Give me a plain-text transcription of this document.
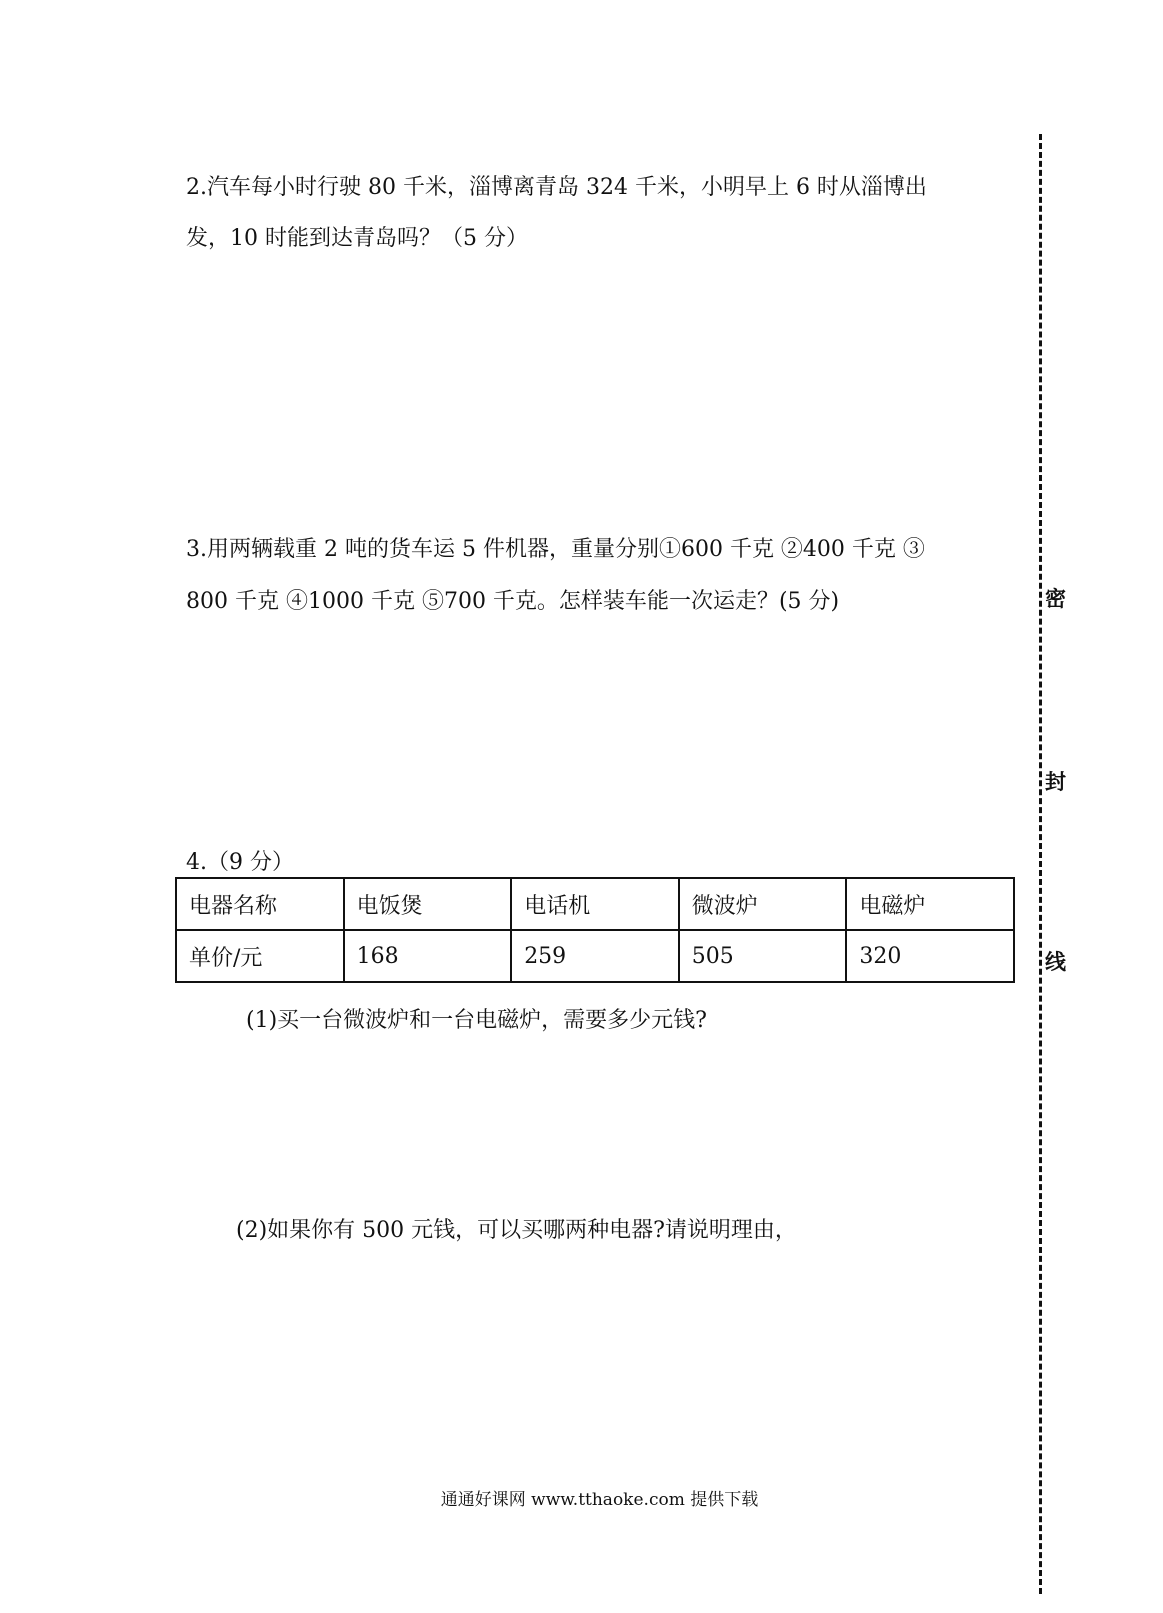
2.汽车每小时行驶 80 千米，淄博离青岛 324 千米，小明早上 6 时从淄博出
发，10 时能到达青岛吗？（5 分）
3.用两辆载重 2 吨的货车运 5 件机器，重量分别①600 千克 ②400 千克 ③
800 千克 ④1000 千克 ⑤700 千克。怎样装车能一次运走？(5 分)
4.（9 分）
电器名称	电饭煲	电话机	微波炉	电磁炉
单价/元	168	259	505	320
(1)买一台微波炉和一台电磁炉，需要多少元钱?
(2)如果你有 500 元钱，可以买哪两种电器?请说明理由，
密
封
线
通通好课网 www.tthaoke.com 提供下载
